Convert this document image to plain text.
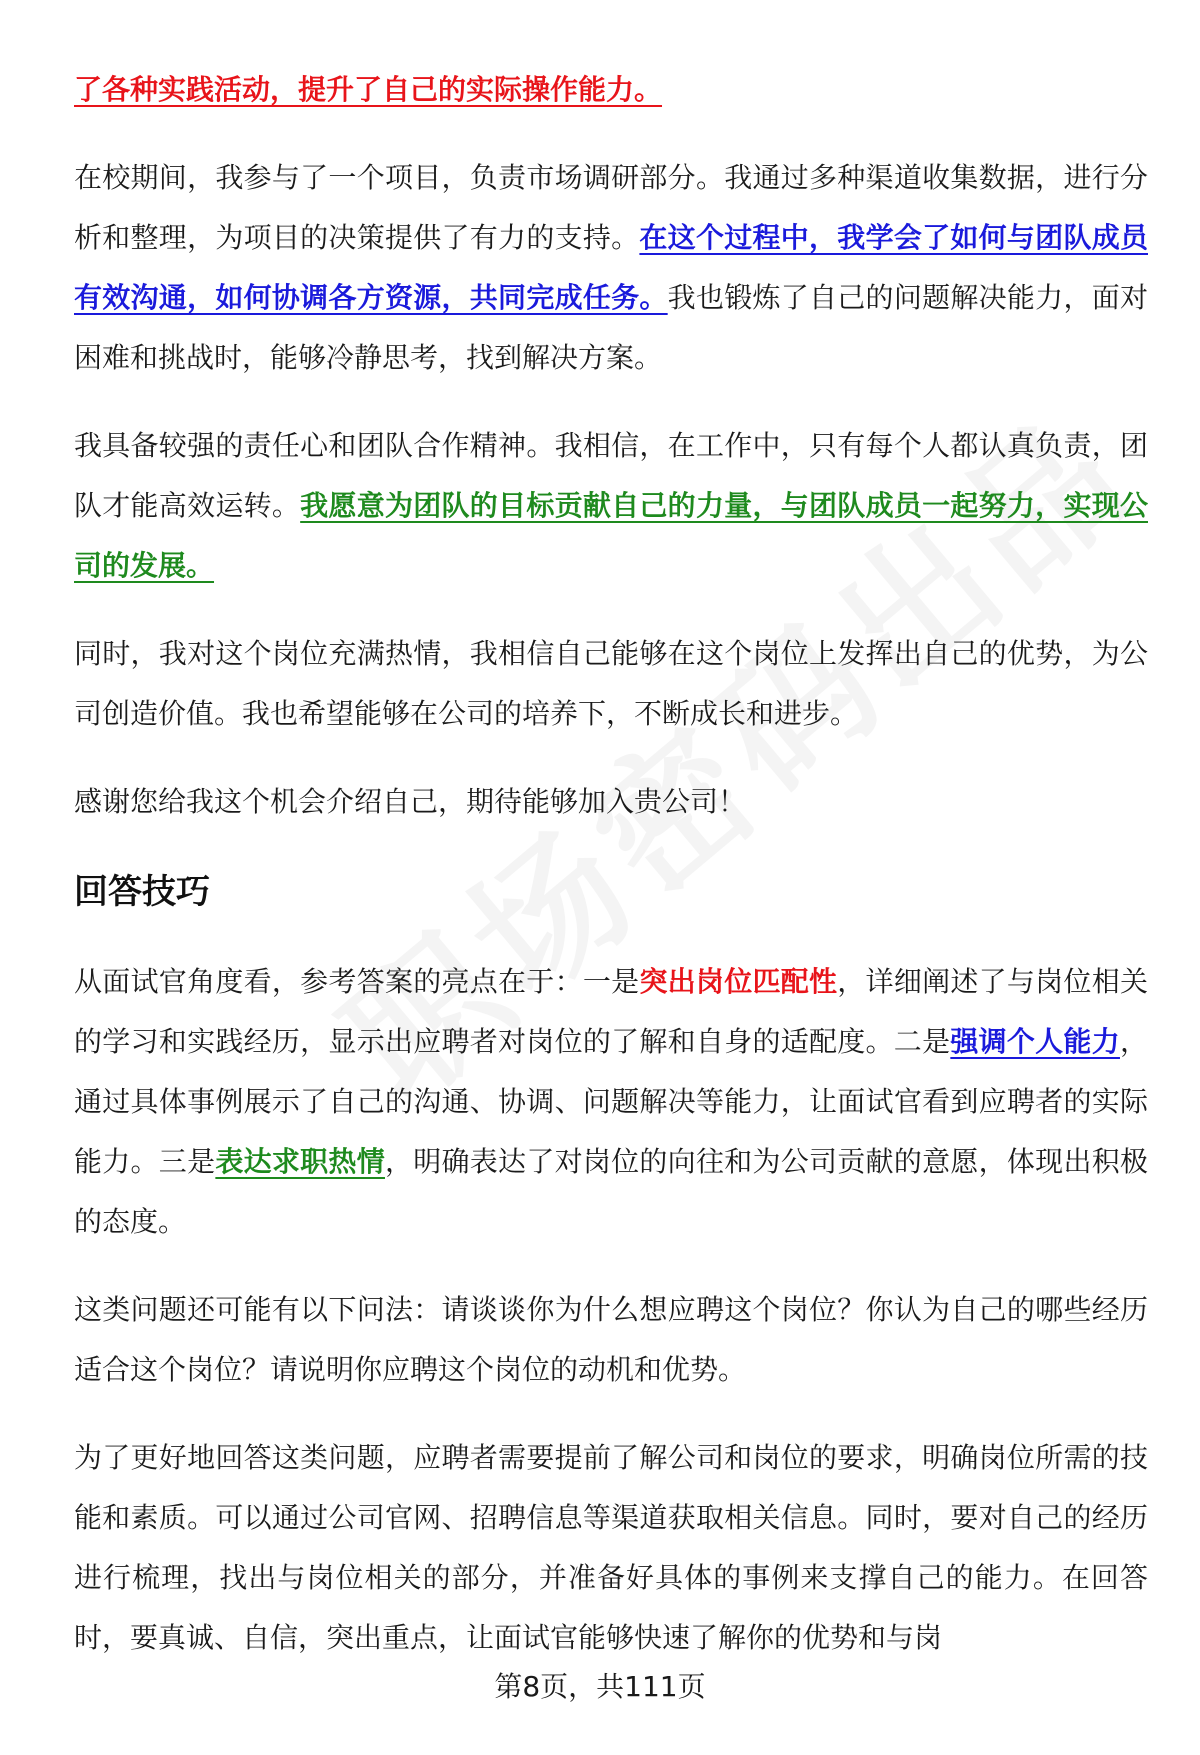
了各种实践活动，提升了自己的实际操作能力。

在校期间，我参与了一个项目，负责市场调研部分。我通过多种渠道收集数据，进行分析和整理，为项目的决策提供了有力的支持。在这个过程中，我学会了如何与团队成员有效沟通，如何协调各方资源，共同完成任务。我也锻炼了自己的问题解决能力，面对困难和挑战时，能够冷静思考，找到解决方案。

我具备较强的责任心和团队合作精神。我相信，在工作中，只有每个人都认真负责，团队才能高效运转。我愿意为团队的目标贡献自己的力量，与团队成员一起努力，实现公司的发展。

同时，我对这个岗位充满热情，我相信自己能够在这个岗位上发挥出自己的优势，为公司创造价值。我也希望能够在公司的培养下，不断成长和进步。

感谢您给我这个机会介绍自己，期待能够加入贵公司！

回答技巧

从面试官角度看，参考答案的亮点在于：一是突出岗位匹配性，详细阐述了与岗位相关的学习和实践经历，显示出应聘者对岗位的了解和自身的适配度。二是强调个人能力，通过具体事例展示了自己的沟通、协调、问题解决等能力，让面试官看到应聘者的实际能力。三是表达求职热情，明确表达了对岗位的向往和为公司贡献的意愿，体现出积极的态度。

这类问题还可能有以下问法：请谈谈你为什么想应聘这个岗位？你认为自己的哪些经历适合这个岗位？请说明你应聘这个岗位的动机和优势。

为了更好地回答这类问题，应聘者需要提前了解公司和岗位的要求，明确岗位所需的技能和素质。可以通过公司官网、招聘信息等渠道获取相关信息。同时，要对自己的经历进行梳理，找出与岗位相关的部分，并准备好具体的事例来支撑自己的能力。在回答时，要真诚、自信，突出重点，让面试官能够快速了解你的优势和与岗

第8页，共111页
